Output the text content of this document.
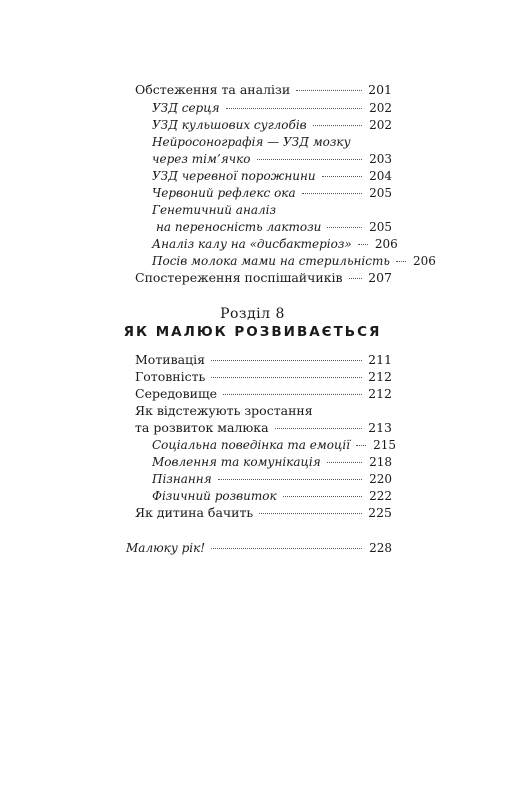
Обстеження та аналізи	201
УЗД серця	202
УЗД кульшових суглобів	202
Нейросонографія — УЗД мозку
через тім’ячко	203
УЗД черевної порожнини	204
Червоний рефлекс ока	205
Генетичний аналіз
на переносність лактози	205
Аналіз калу на «дисбактеріоз» 206
Посів молока мами на стерильність 206
Спостереження поспішайчиків 207
Розділ 8
ЯК МАЛЮК РОЗВИВАЄТЬСЯ
Мотивація	211
Готовність	212
Середовище	212
Як відстежують зростання
та розвиток малюка	213
Соціальна поведінка та емоції 215
Мовлення та комунікація	218
Пізнання	220
Фізичний розвиток	222
Як дитина бачить	225
Малюку рік!	228
